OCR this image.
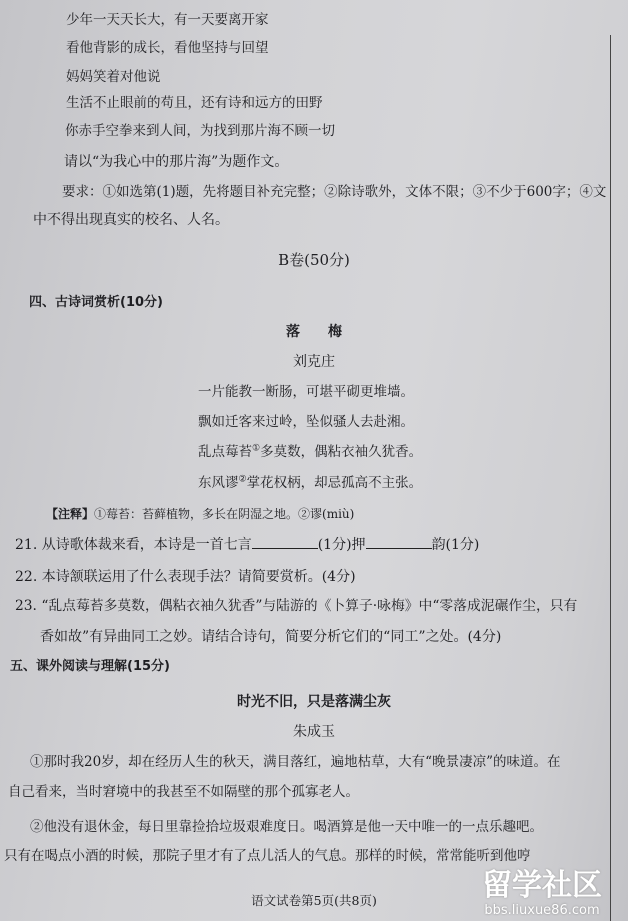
少年一天天长大，有一天要离开家
看他背影的成长，看他坚持与回望
妈妈笑着对他说
生活不止眼前的苟且，还有诗和远方的田野
你赤手空拳来到人间，为找到那片海不顾一切
请以“为我心中的那片海”为题作文。
要求：①如选第(1)题，先将题目补充完整；②除诗歌外，文体不限；③不少于600字；④文
中不得出现真实的校名、人名。
B卷(50分)
四、古诗词赏析(10分)
落　　梅
刘克庄
一片能教一断肠，可堪平砌更堆墙。
飘如迁客来过岭，坠似骚人去赴湘。
乱点莓苔①多莫数，偶粘衣袖久犹香。
东风谬②掌花权柄，却忌孤高不主张。
【注释】①莓苔：苔藓植物，多长在阴湿之地。②谬(miù)
21. 从诗歌体裁来看，本诗是一首七言	(1分)押	韵(1分)
22. 本诗颔联运用了什么表现手法？请简要赏析。(4分)
23. “乱点莓苔多莫数，偶粘衣袖久犹香”与陆游的《卜算子·咏梅》中“零落成泥碾作尘，只有
香如故”有异曲同工之妙。请结合诗句，简要分析它们的“同工”之处。(4分)
五、课外阅读与理解(15分)
时光不旧，只是落满尘灰
朱成玉
①那时我20岁，却在经历人生的秋天，满目落红，遍地枯草，大有“晚景凄凉”的味道。在
自己看来，当时窘境中的我甚至不如隔壁的那个孤寡老人。
②他没有退休金，每日里靠捡拾垃圾艰难度日。喝酒算是他一天中唯一的一点乐趣吧。
只有在喝点小酒的时候，那院子里才有了点儿活人的气息。那样的时候，常常能听到他哼
语文试卷第5页(共8页)	留学社区
bbs.liuxue86.com
